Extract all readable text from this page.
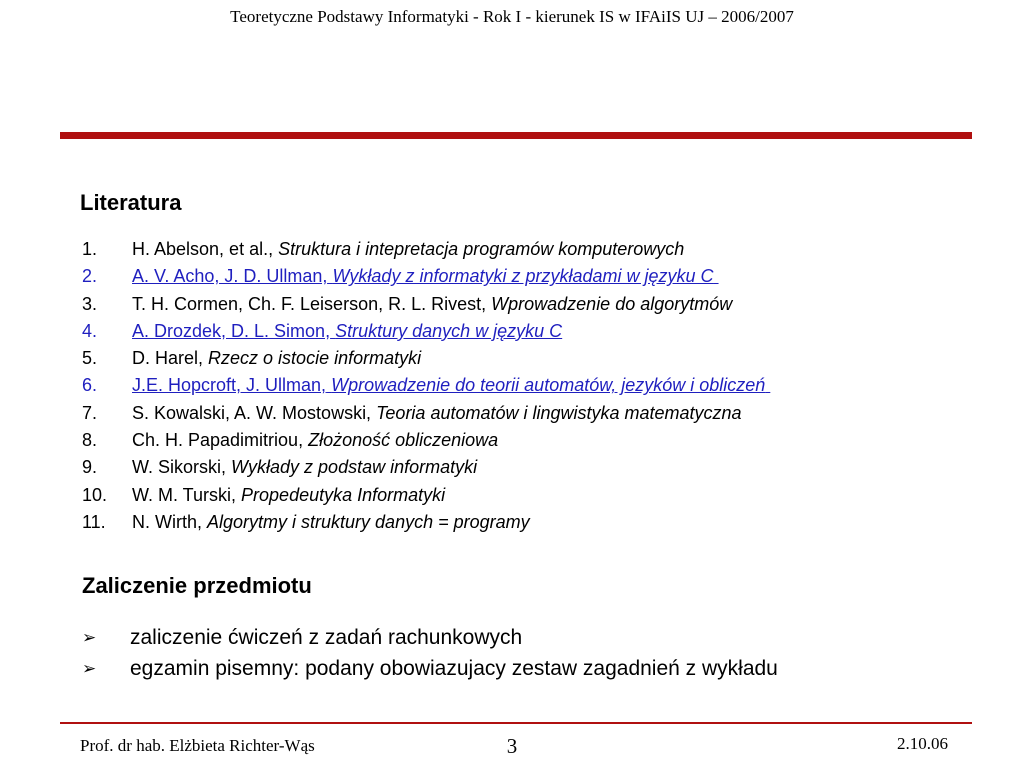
Teoretyczne Podstawy Informatyki - Rok I - kierunek IS w IFAiIS UJ – 2006/2007
Literatura
1.	H. Abelson, et al., Struktura i intepretacja programów komputerowych
2.	A. V. Acho, J. D. Ullman, Wykłady z informatyki z przykładami w języku C
3.	T. H. Cormen, Ch. F. Leiserson, R. L. Rivest, Wprowadzenie do algorytmów
4.	A. Drozdek, D. L. Simon, Struktury danych w języku C
5.	D. Harel, Rzecz o istocie informatyki
6.	J.E. Hopcroft, J. Ullman, Wprowadzenie do teorii automatów, jezyków i obliczeń
7.	S. Kowalski, A. W. Mostowski, Teoria automatów i lingwistyka matematyczna
8.	Ch. H. Papadimitriou, Złożoność obliczeniowa
9.	W. Sikorski, Wykłady z podstaw informatyki
10.	W. M. Turski, Propedeutyka Informatyki
11.	N. Wirth, Algorytmy i struktury danych = programy
Zaliczenie przedmiotu
➢	zaliczenie ćwiczeń z zadań rachunkowych
➢	egzamin pisemny: podany obowiazujacy zestaw zagadnień z wykładu
Prof. dr hab. Elżbieta Richter-Wąs	3	2.10.06
